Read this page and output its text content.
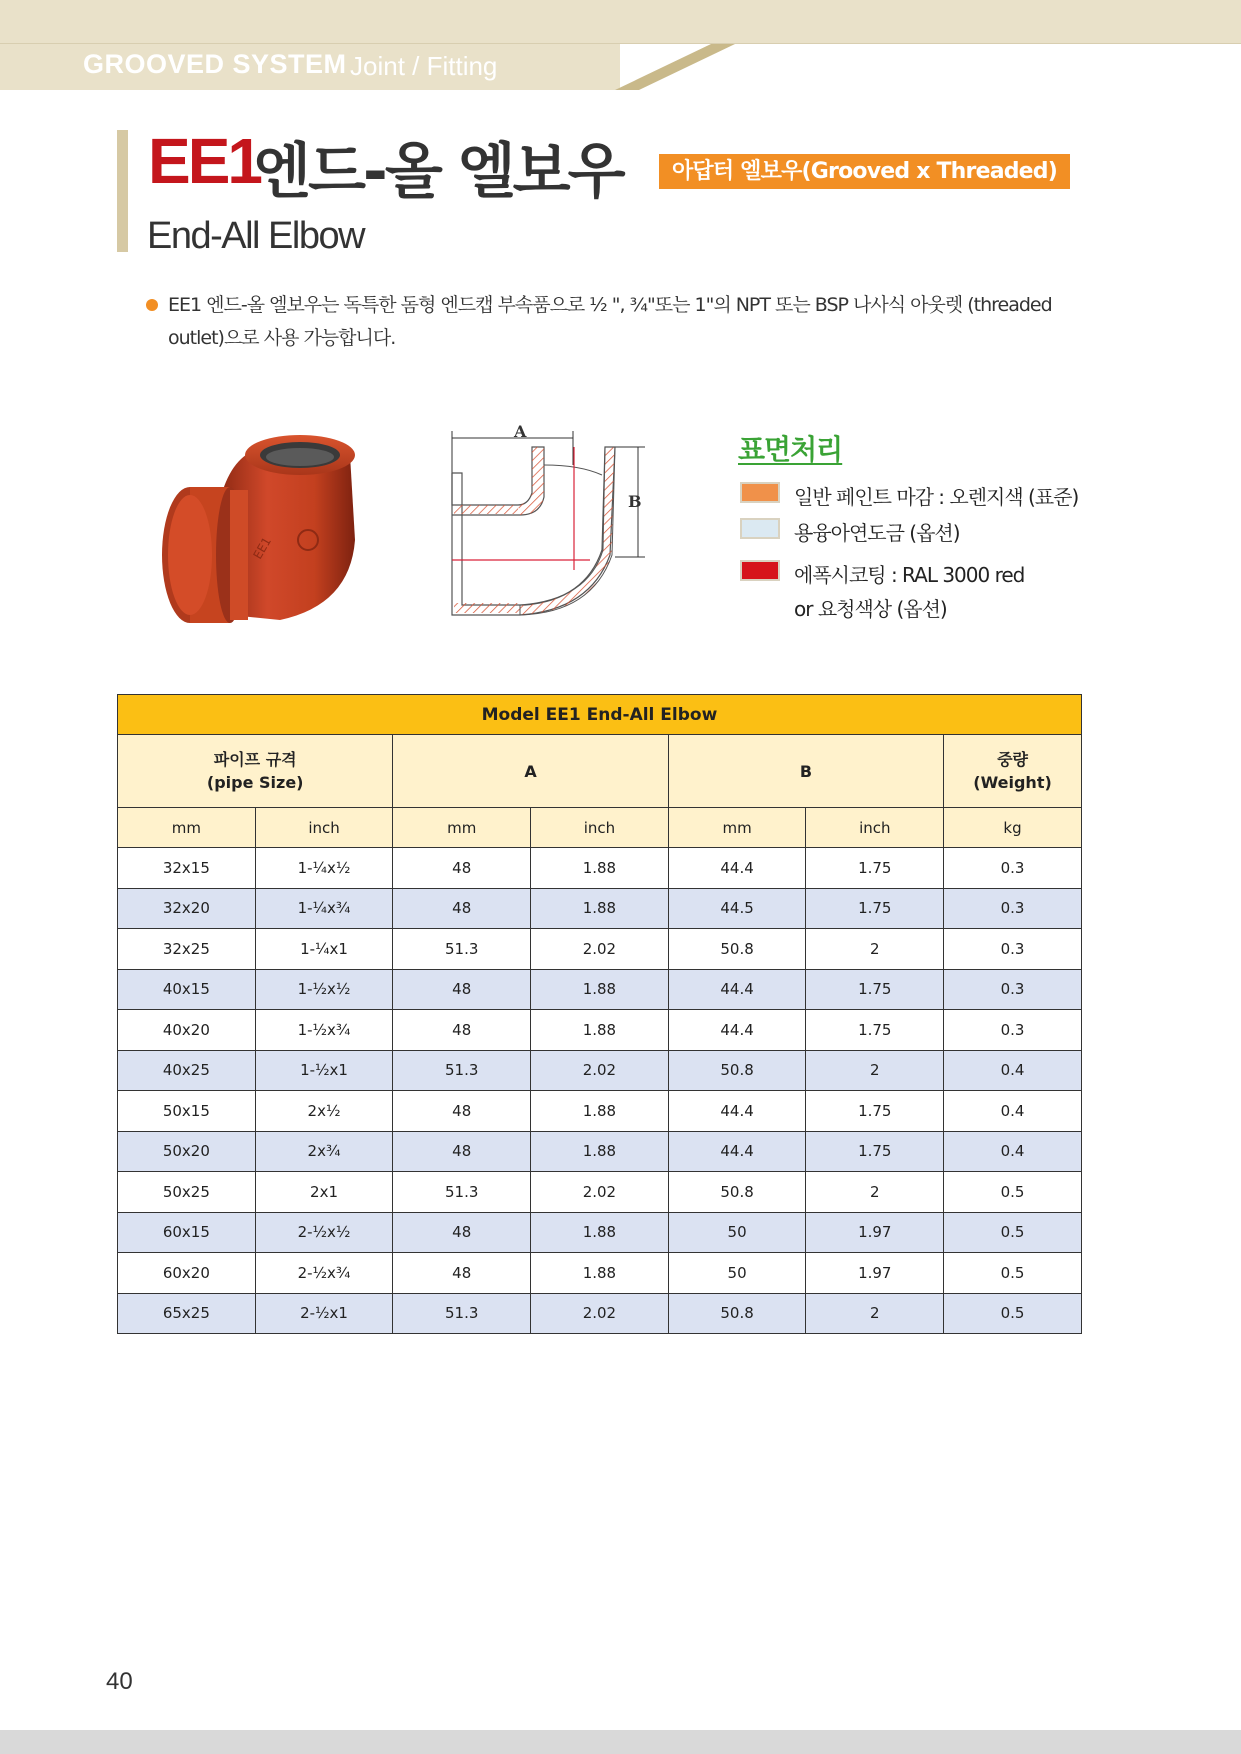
GROOVED SYSTEM Joint / Fitting
EE1
엔드-올 엘보우	아답터 엘보우(Grooved x Threaded)
End-All Elbow
EE1 엔드-올 엘보우는 독특한 돔형 엔드캡 부속품으로 ½ ", ¾"또는 1"의 NPT 또는 BSP 나사식 아웃렛 (threaded outlet)으로 사용 가능합니다.
EE1
A
B
표면처리
일반 페인트 마감 : 오렌지색 (표준)
용융아연도금 (옵션)
에폭시코팅 : RAL 3000 red
or 요청색상 (옵션)
Model EE1 End-All Elbow						
파이프 규격
(pipe Size)		A		B		중량
(Weight)
mm	inch	mm	inch	mm	inch	kg
32x15	1-¼x½	48	1.88	44.4	1.75	0.3
32x20	1-¼x¾	48	1.88	44.5	1.75	0.3
32x25	1-¼x1	51.3	2.02	50.8	2	0.3
40x15	1-½x½	48	1.88	44.4	1.75	0.3
40x20	1-½x¾	48	1.88	44.4	1.75	0.3
40x25	1-½x1	51.3	2.02	50.8	2	0.4
50x15	2x½	48	1.88	44.4	1.75	0.4
50x20	2x¾	48	1.88	44.4	1.75	0.4
50x25	2x1	51.3	2.02	50.8	2	0.5
60x15	2-½x½	48	1.88	50	1.97	0.5
60x20	2-½x¾	48	1.88	50	1.97	0.5
65x25	2-½x1	51.3	2.02	50.8	2	0.5
40
